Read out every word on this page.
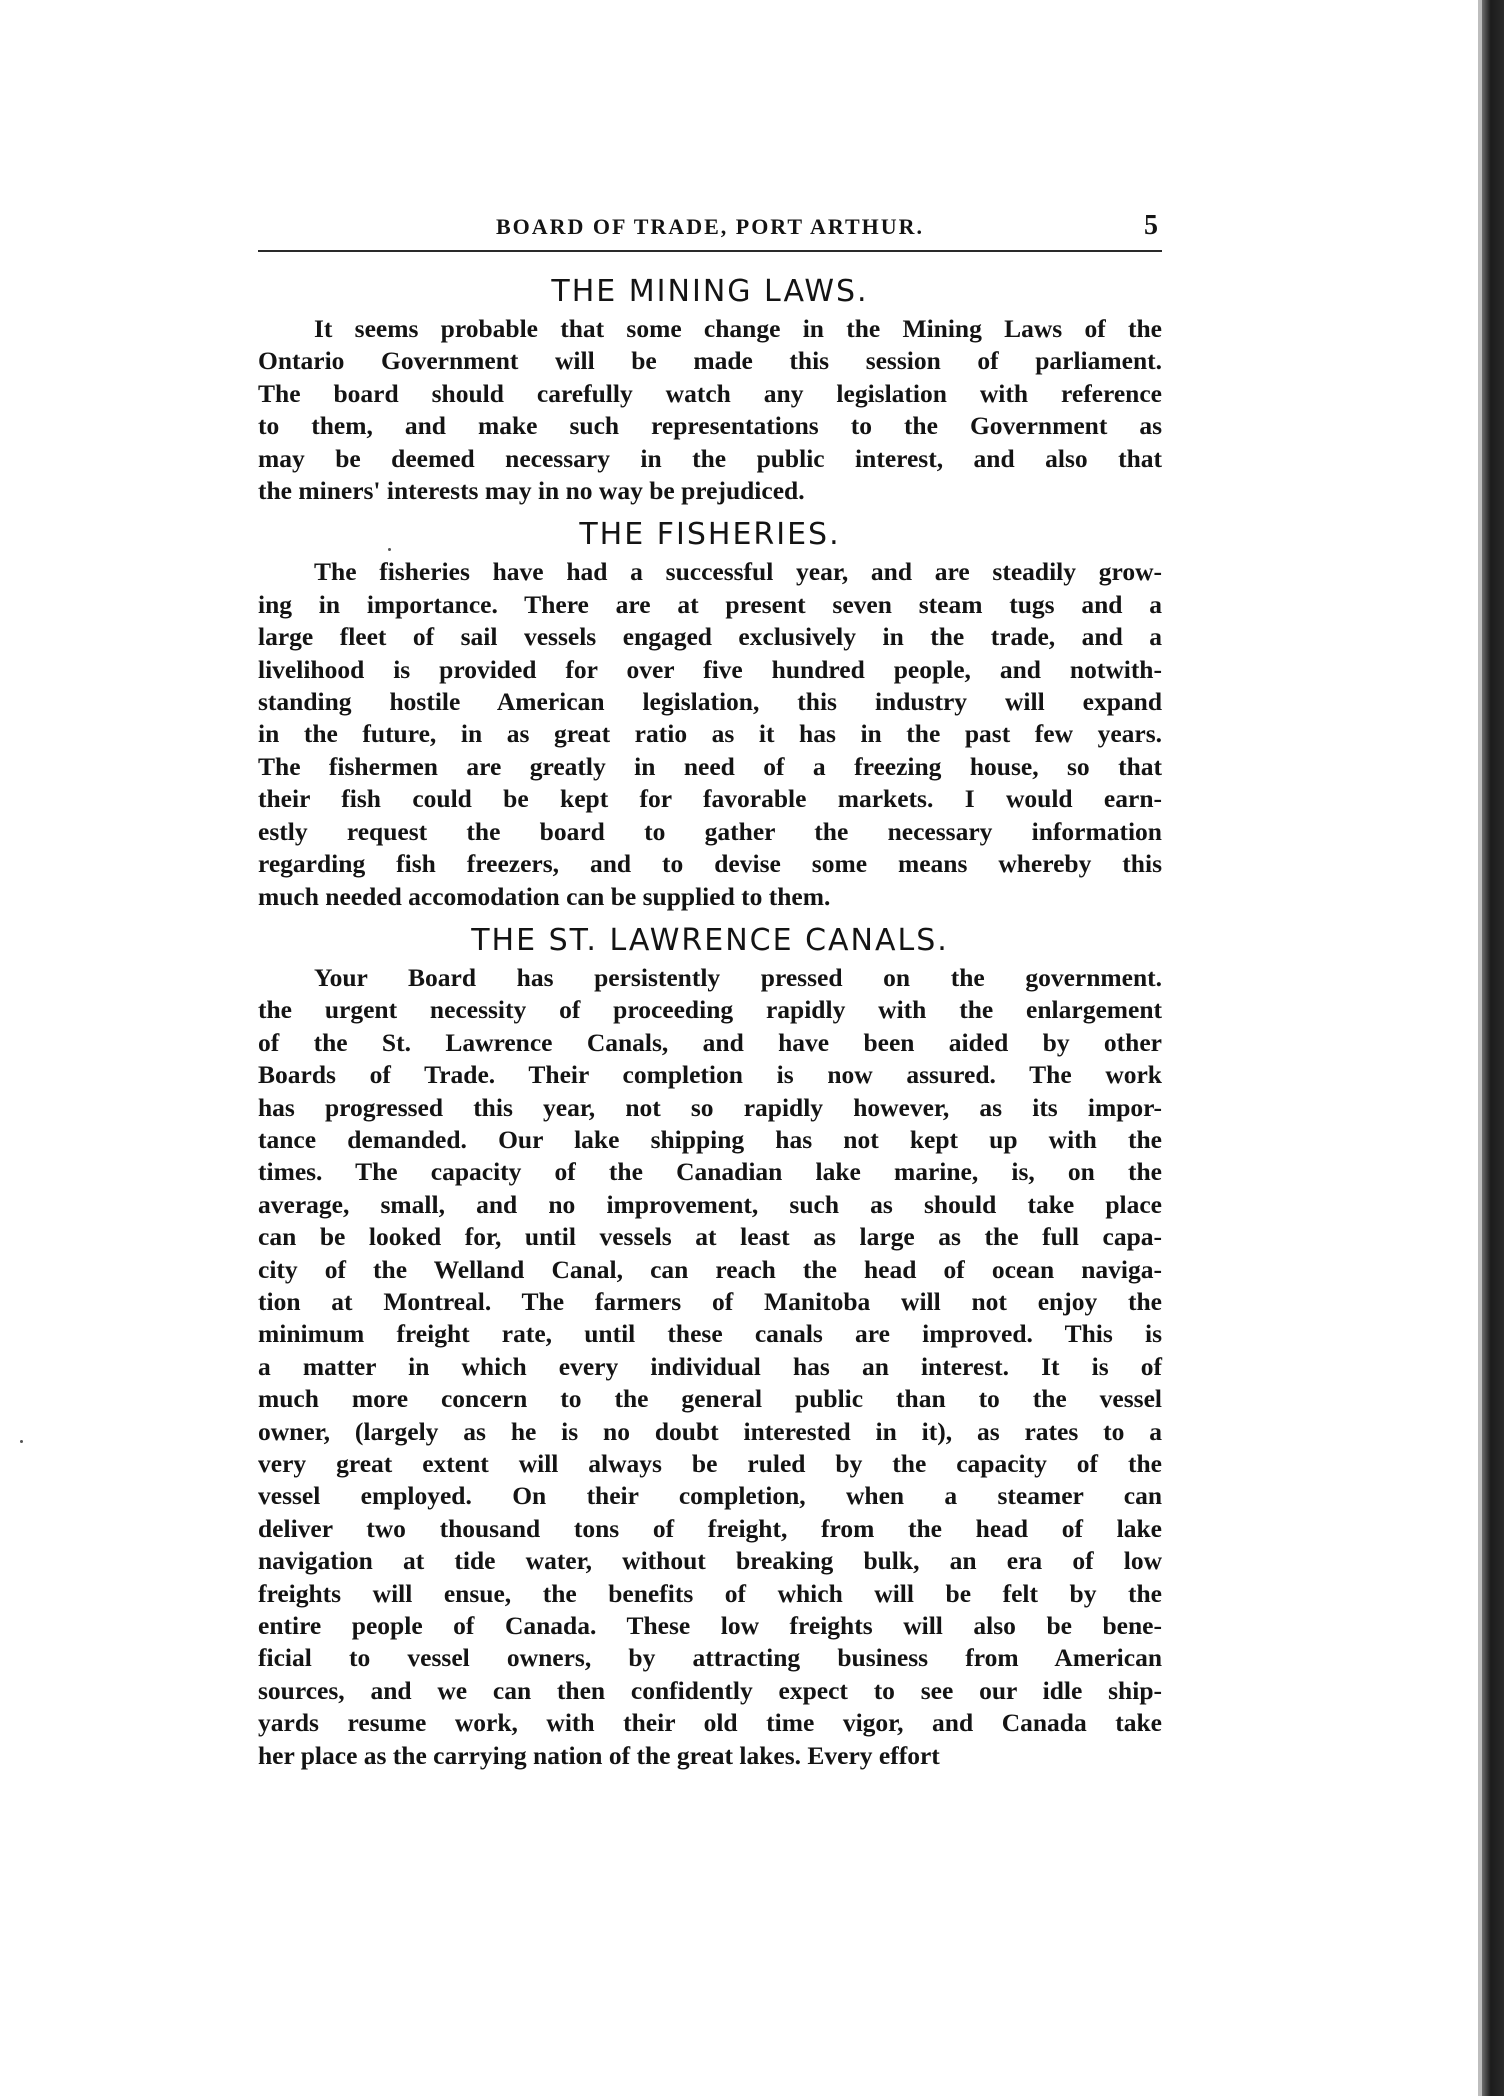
BOARD OF TRADE, PORT ARTHUR.	5
THE MINING LAWS.

It seems probable that some change in the Mining Laws of the
Ontario Government will be made this session of parliament.
The board should carefully watch any legislation with reference
to them, and make such representations to the Government as
may be deemed necessary in the public interest, and also that
the miners' interests may in no way be prejudiced.

THE FISHERIES.

The fisheries have had a successful year, and are steadily grow-
ing in importance. There are at present seven steam tugs and a
large fleet of sail vessels engaged exclusively in the trade, and a
livelihood is provided for over five hundred people, and notwith-
standing hostile American legislation, this industry will expand
in the future, in as great ratio as it has in the past few years.
The fishermen are greatly in need of a freezing house, so that
their fish could be kept for favorable markets. I would earn-
estly request the board to gather the necessary information
regarding fish freezers, and to devise some means whereby this
much needed accomodation can be supplied to them.

THE ST. LAWRENCE CANALS.

Your Board has persistently pressed on the government.
the urgent necessity of proceeding rapidly with the enlargement
of the St. Lawrence Canals, and have been aided by other
Boards of Trade. Their completion is now assured. The work
has progressed this year, not so rapidly however, as its impor-
tance demanded. Our lake shipping has not kept up with the
times. The capacity of the Canadian lake marine, is, on the
average, small, and no improvement, such as should take place
can be looked for, until vessels at least as large as the full capa-
city of the Welland Canal, can reach the head of ocean naviga-
tion at Montreal. The farmers of Manitoba will not enjoy the
minimum freight rate, until these canals are improved. This is
a matter in which every individual has an interest. It is of
much more concern to the general public than to the vessel
owner, (largely as he is no doubt interested in it), as rates to a
very great extent will always be ruled by the capacity of the
vessel employed. On their completion, when a steamer can
deliver two thousand tons of freight, from the head of lake
navigation at tide water, without breaking bulk, an era of low
freights will ensue, the benefits of which will be felt by the
entire people of Canada. These low freights will also be bene-
ficial to vessel owners, by attracting business from American
sources, and we can then confidently expect to see our idle ship-
yards resume work, with their old time vigor, and Canada take
her place as the carrying nation of the great lakes. Every effort
